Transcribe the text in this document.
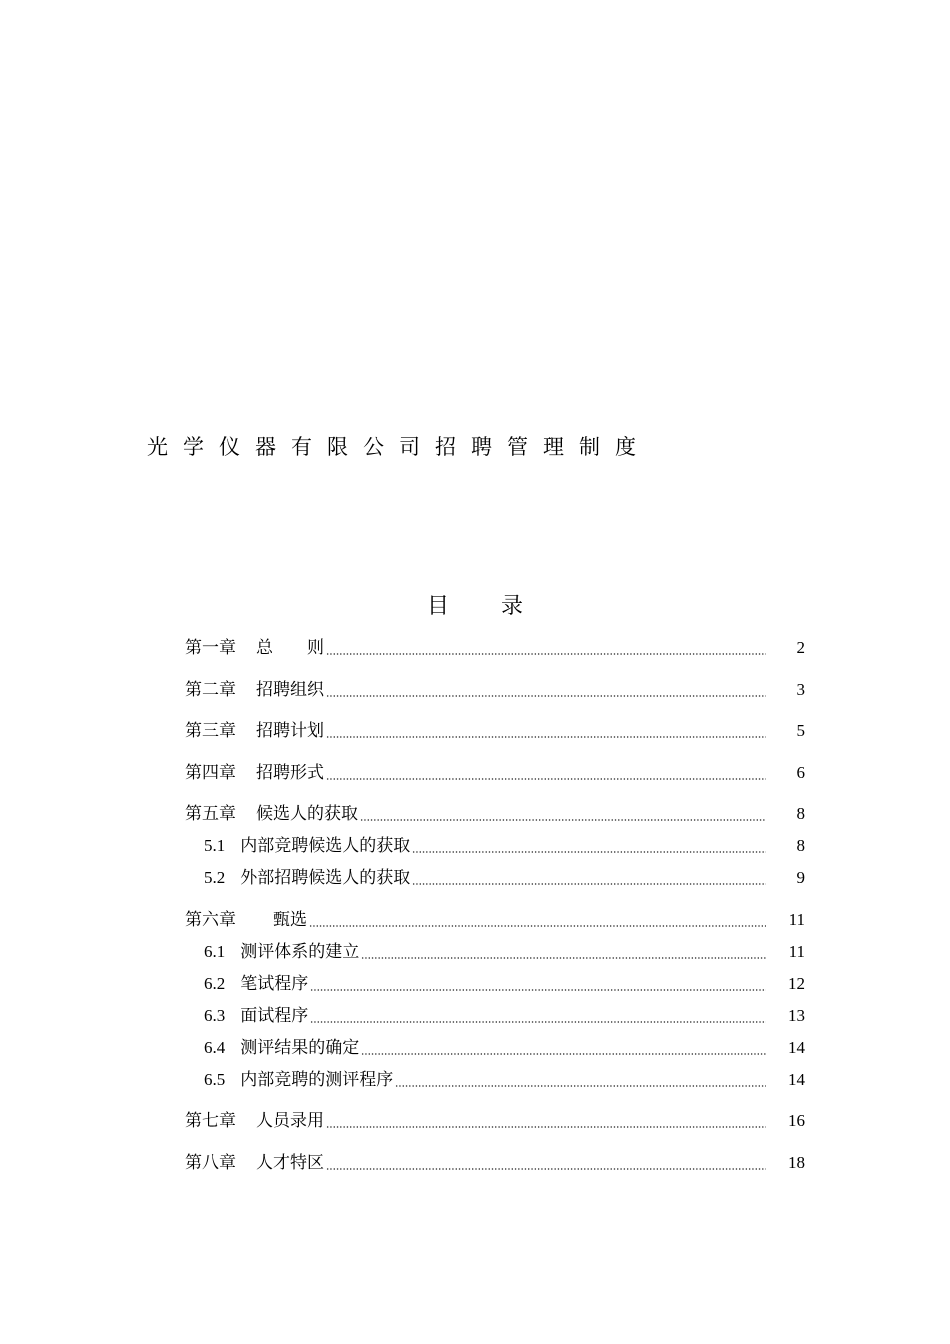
光学仪器有限公司招聘管理制度
目 录
第一章 总　　则	2
第二章 招聘组织	3
第三章 招聘计划	5
第四章 招聘形式	6
第五章 候选人的获取	8
5.1 内部竞聘候选人的获取	8
5.2 外部招聘候选人的获取	9
第六章 　甄选	11
6.1 测评体系的建立	11
6.2 笔试程序	12
6.3 面试程序	13
6.4 测评结果的确定	14
6.5 内部竞聘的测评程序	14
第七章 人员录用	16
第八章 人才特区	18
